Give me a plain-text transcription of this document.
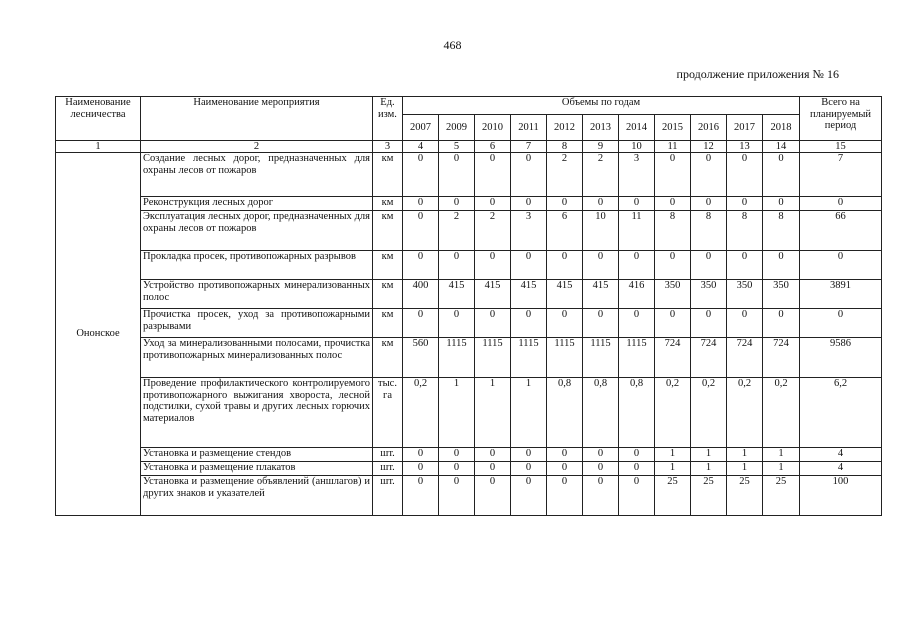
468
продолжение приложения № 16
Наименование лесничества	Наименование мероприятия	Ед. изм.	Объемы по годам											Всего на планируемый период
			2007	2009	2010	2011	2012	2013	2014	2015	2016	2017	2018	
1	2	3	4	5	6	7	8	9	10	11	12	13	14	15
Ононское	Создание лесных дорог, предназначенных для охраны лесов от пожаров	км	0	0	0	0	2	2	3	0	0	0	0	7
	Реконструкция лесных дорог	км	0	0	0	0	0	0	0	0	0	0	0	0
	Эксплуатация лесных дорог, предназначенных для охраны лесов от пожаров	км	0	2	2	3	6	10	11	8	8	8	8	66
	Прокладка просек, противопожарных разрывов	км	0	0	0	0	0	0	0	0	0	0	0	0
	Устройство противопожарных минерализованных полос	км	400	415	415	415	415	415	416	350	350	350	350	3891
	Прочистка просек, уход за противопожарными разрывами	км	0	0	0	0	0	0	0	0	0	0	0	0
	Уход за минерализованными полосами, прочистка противопожарных минерализованных полос	км	560	1115	1115	1115	1115	1115	1115	724	724	724	724	9586
	Проведение профилактического контролируемого противопожарного выжигания хвороста, лесной подстилки, сухой травы и других лесных горючих материалов	тыс. га	0,2	1	1	1	0,8	0,8	0,8	0,2	0,2	0,2	0,2	6,2
	Установка и размещение стендов	шт.	0	0	0	0	0	0	0	1	1	1	1	4
	Установка и размещение плакатов	шт.	0	0	0	0	0	0	0	1	1	1	1	4
	Установка и размещение объявлений (аншлагов) и других знаков и указателей	шт.	0	0	0	0	0	0	0	25	25	25	25	100
